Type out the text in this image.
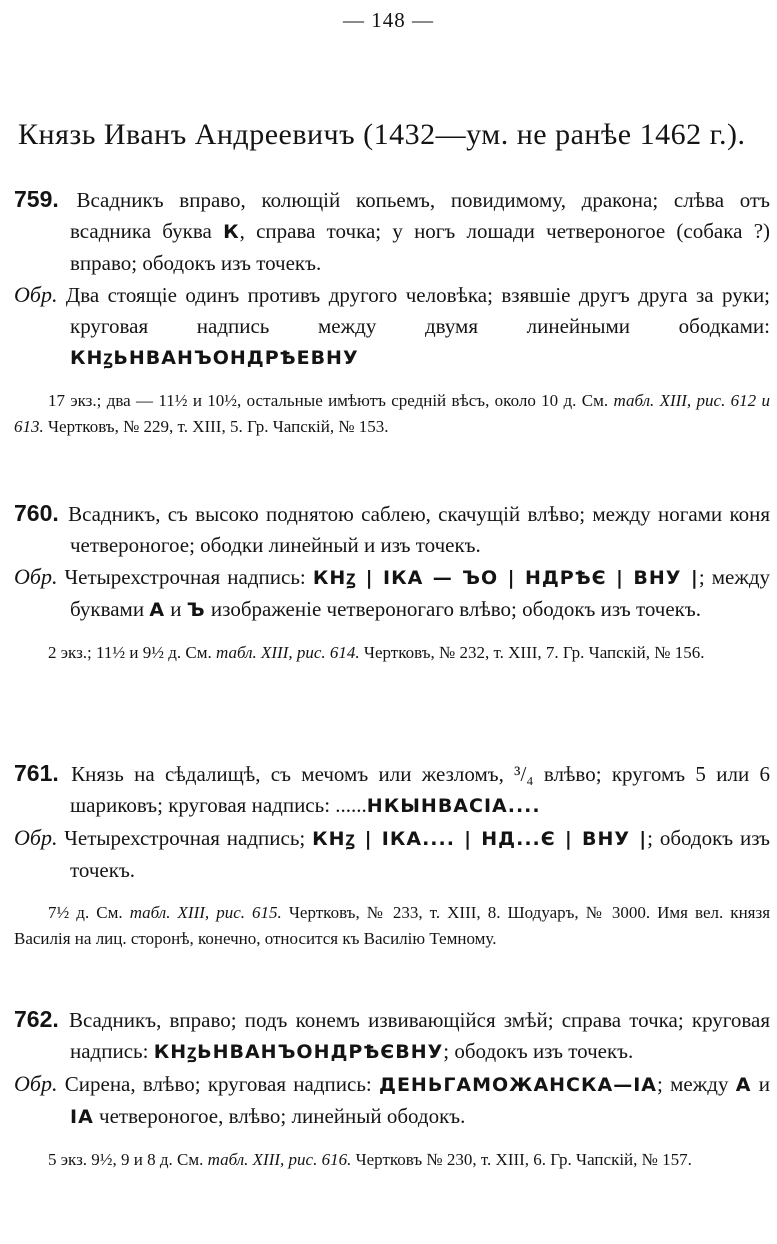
— 148 —
Князь Иванъ Андреевичъ (1432—ум. не ранѣе 1462 г.).

759. Всадникъ вправо, колющій копьемъ, повидимому, дракона; слѣва отъ всадника буква К, справа точка; у ногъ лошади четвероногое (собака ?) вправо; ободокъ изъ точекъ.

Обр. Два стоящіе одинъ противъ другого человѣка; взявшіе другъ друга за руки; круговая надпись между двумя линейными ободками: КНꙁЬНВАНЪОНДРѢЕВНУ

17 экз.; два — 11½ и 10½, остальные имѣютъ средній вѣсъ, около 10 д. См. табл. XIII, рис. 612 и 613. Чертковъ, № 229, т. XIII, 5. Гр. Чапскій, № 153.

760. Всадникъ, съ высоко поднятою саблею, скачущій влѣво; между ногами коня четвероногое; ободки линейный и изъ точекъ.

Обр. Четырехстрочная надпись: КНꙁ | ІКА — ЪО | НДРѢЄ | ВНУ |; между буквами А и Ъ изображеніе четвероногаго влѣво; ободокъ изъ точекъ.

2 экз.; 11½ и 9½ д. См. табл. XIII, рис. 614. Чертковъ, № 232, т. XIII, 7. Гр. Чапскій, № 156.

761. Князь на сѣдалищѣ, съ мечомъ или жезломъ, ³/₄ влѣво; кругомъ 5 или 6 шариковъ; круговая надпись: ......НКЫНВАСІА....

Обр. Четырехстрочная надпись; КНꙁ | ІКА.... | НД...Є | ВНУ |; ободокъ изъ точекъ.

7½ д. См. табл. XIII, рис. 615. Чертковъ, № 233, т. XIII, 8. Шодуаръ, № 3000. Имя вел. князя Василія на лиц. сторонѣ, конечно, относится къ Василію Темному.

762. Всадникъ, вправо; подъ конемъ извивающійся змѣй; справа точка; круговая надпись: КНꙁЬНВАНЪОНДРѢЄВНУ; ободокъ изъ точекъ.

Обр. Сирена, влѣво; круговая надпись: ДЕНЬГАМОЖАНСКА—ІА; между А и ІА четвероногое, влѣво; линейный ободокъ.

5 экз. 9½, 9 и 8 д. См. табл. XIII, рис. 616. Чертковъ № 230, т. XIII, 6. Гр. Чапскій, № 157.
